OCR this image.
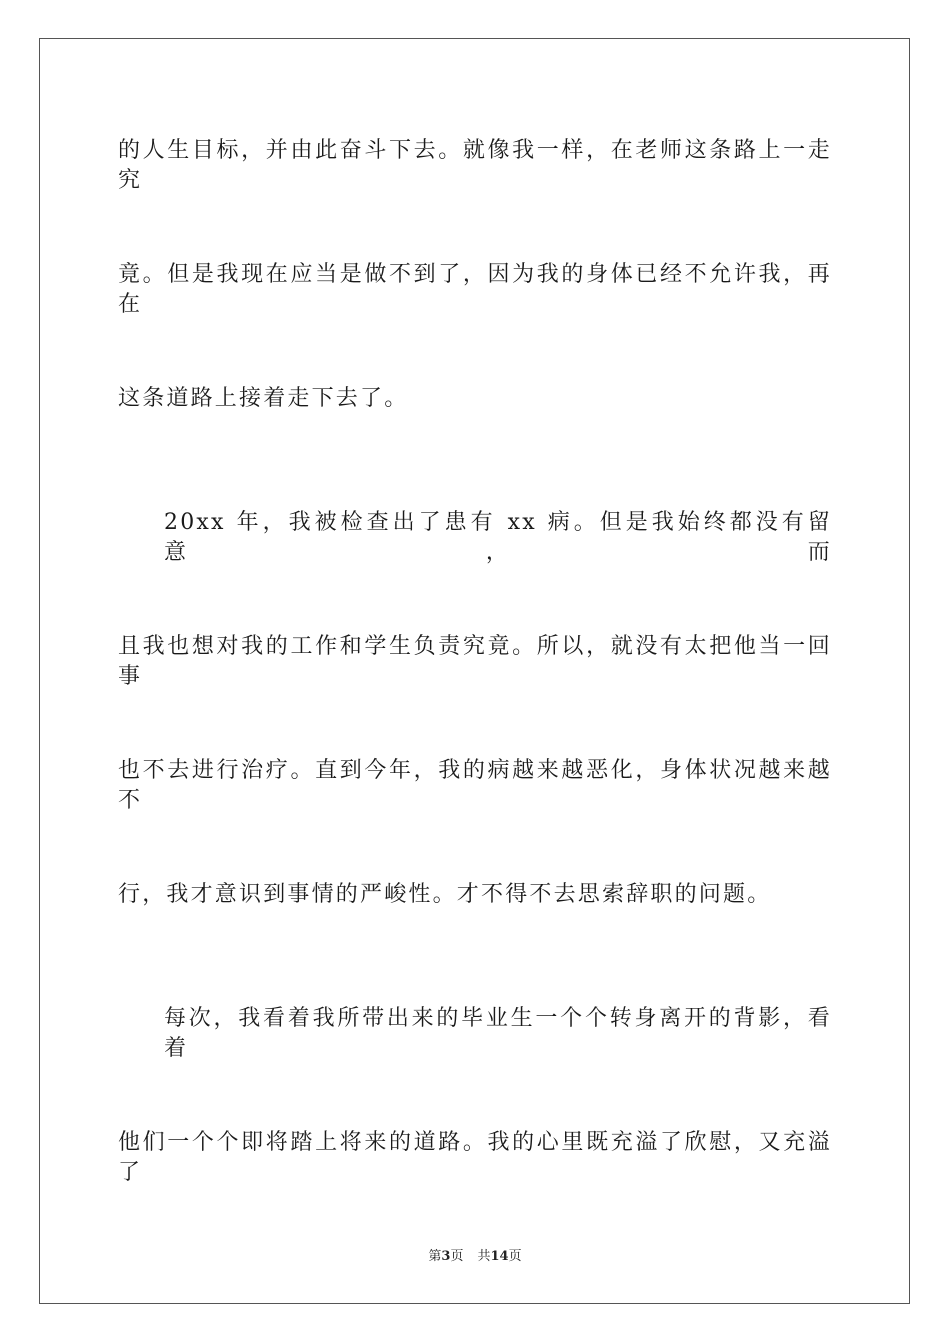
的人生目标，并由此奋斗下去。就像我一样，在老师这条路上一走究
竟。但是我现在应当是做不到了，因为我的身体已经不允许我，再在
这条道路上接着走下去了。
20xx 年，我被检查出了患有 xx 病。但是我始终都没有留意，而
且我也想对我的工作和学生负责究竟。所以，就没有太把他当一回事
也不去进行治疗。直到今年，我的病越来越恶化，身体状况越来越不
行，我才意识到事情的严峻性。才不得不去思索辞职的问题。
每次，我看着我所带出来的毕业生一个个转身离开的背影，看着
他们一个个即将踏上将来的道路。我的心里既充溢了欣慰，又充溢了
第3页 共14页
